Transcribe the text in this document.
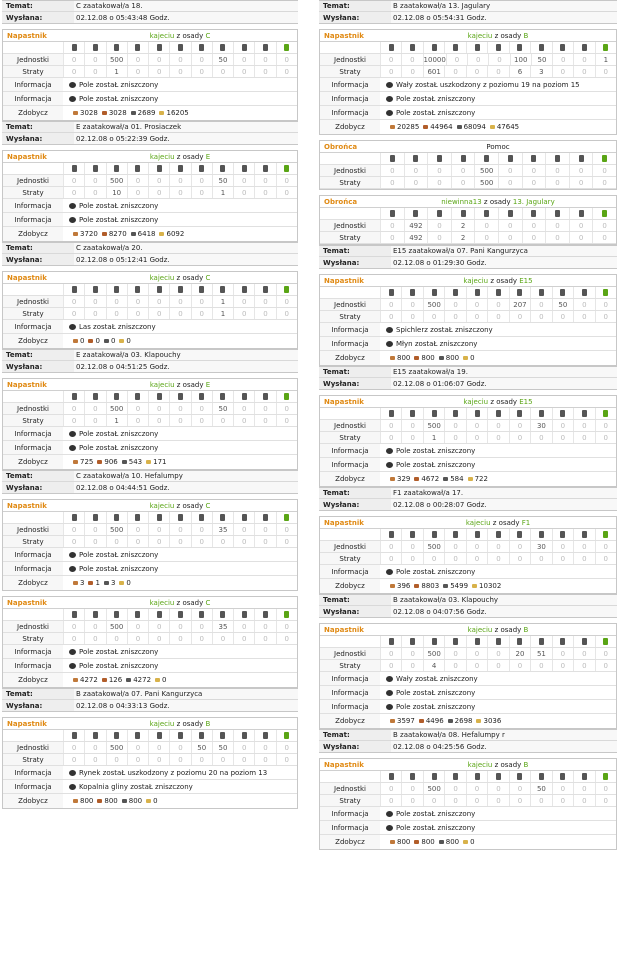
Temat:	C zaatakował/a 18.
Wysłana:	02.12.08 o 05:43:48 Godz.
Napastnik	kajeciu z osady C
Jednostki	0	0	500	0	0	0	0	50	0	0	0
Straty	0	0	1	0	0	0	0	0	0	0	0
Informacja	Pole zostaŁ zniszczony
Informacja	Pole zostaŁ zniszczony
Zdobycz	3028 3028 2689 16205
Temat:	E zaatakował/a 01. Prosiaczek
Wysłana:	02.12.08 o 05:22:39 Godz.
Napastnik	kajeciu z osady E
Jednostki	0	0	500	0	0	0	0	50	0	0	0
Straty	0	0	10	0	0	0	0	1	0	0	0
Informacja	Pole zostaŁ zniszczony
Informacja	Pole zostaŁ zniszczony
Zdobycz	3720 8270 6418 6092
Temat:	C zaatakował/a 20.
Wysłana:	02.12.08 o 05:12:41 Godz.
Napastnik	kajeciu z osady C
Jednostki	0	0	0	0	0	0	0	1	0	0	0
Straty	0	0	0	0	0	0	0	1	0	0	0
Informacja	Las zostaŁ zniszczony
Zdobycz	0 0 0 0
Temat:	E zaatakował/a 03. Klapouchy
Wysłana:	02.12.08 o 04:51:25 Godz.
Napastnik	kajeciu z osady E
Jednostki	0	0	500	0	0	0	0	50	0	0	0
Straty	0	0	1	0	0	0	0	0	0	0	0
Informacja	Pole zostaŁ zniszczony
Informacja	Pole zostaŁ zniszczony
Zdobycz	725 906 543 171
Temat:	C zaatakował/a 10. Hefalumpy
Wysłana:	02.12.08 o 04:44:51 Godz.
Napastnik	kajeciu z osady C
Jednostki	0	0	500	0	0	0	0	35	0	0	0
Straty	0	0	0	0	0	0	0	0	0	0	0
Informacja	Pole zostaŁ zniszczony
Informacja	Pole zostaŁ zniszczony
Zdobycz	3 1 3 0
Napastnik	kajeciu z osady C
Jednostki	0	0	500	0	0	0	0	35	0	0	0
Straty	0	0	0	0	0	0	0	0	0	0	0
Informacja	Pole zostaŁ zniszczony
Informacja	Pole zostaŁ zniszczony
Zdobycz	4272 126 4272 0
Temat:	B zaatakował/a 07. Pani Kangurzyca
Wysłana:	02.12.08 o 04:33:13 Godz.
Napastnik	kajeciu z osady B
Jednostki	0	0	500	0	0	0	50	50	0	0	0
Straty	0	0	0	0	0	0	0	0	0	0	0
Informacja	Rynek zostaŁ uszkodzony z poziomu 20 na poziom 13
Informacja	Kopalnia gliny zostaŁ zniszczony
Zdobycz	800 800 800 0
Temat:	B zaatakował/a 13. Jagulary
Wysłana:	02.12.08 o 05:54:31 Godz.
Napastnik	kajeciu z osady B
Jednostki	0	0	10000	0	0	0	100	50	0	0	1
Straty	0	0	601	0	0	0	6	3	0	0	0
Informacja	Wały zostaŁ uszkodzony z poziomu 19 na poziom 15
Informacja	Pole zostaŁ zniszczony
Informacja	Pole zostaŁ zniszczony
Zdobycz	20285 44964 68094 47645
Obrońca	Pomoc
Jednostki	0	0	0	0	500	0	0	0	0	0
Straty	0	0	0	0	500	0	0	0	0	0
Obrońca	niewinna13 z osady 13. Jagulary
Jednostki	0	492	0	2	0	0	0	0	0	0
Straty	0	492	0	2	0	0	0	0	0	0
Temat:	E15 zaatakował/a 07. Pani Kangurzyca
Wysłana:	02.12.08 o 01:29:30 Godz.
Napastnik	kajeciu z osady E15
Jednostki	0	0	500	0	0	0	207	0	50	0	0
Straty	0	0	0	0	0	0	0	0	0	0	0
Informacja	Spichlerz zostaŁ zniszczony
Informacja	Młyn zostaŁ zniszczony
Zdobycz	800 800 800 0
Temat:	E15 zaatakował/a 19.
Wysłana:	02.12.08 o 01:06:07 Godz.
Napastnik	kajeciu z osady E15
Jednostki	0	0	500	0	0	0	0	30	0	0	0
Straty	0	0	1	0	0	0	0	0	0	0	0
Informacja	Pole zostaŁ zniszczony
Informacja	Pole zostaŁ zniszczony
Zdobycz	329 4672 584 722
Temat:	F1 zaatakował/a 17.
Wysłana:	02.12.08 o 00:28:07 Godz.
Napastnik	kajeciu z osady F1
Jednostki	0	0	500	0	0	0	0	30	0	0	0
Straty	0	0	0	0	0	0	0	0	0	0	0
Informacja	Pole zostaŁ zniszczony
Zdobycz	396 8803 5499 10302
Temat:	B zaatakował/a 03. Klapouchy
Wysłana:	02.12.08 o 04:07:56 Godz.
Napastnik	kajeciu z osady B
Jednostki	0	0	500	0	0	0	20	51	0	0	0
Straty	0	0	4	0	0	0	0	0	0	0	0
Informacja	Wały zostaŁ zniszczony
Informacja	Pole zostaŁ zniszczony
Informacja	Pole zostaŁ zniszczony
Zdobycz	3597 4496 2698 3036
Temat:	B zaatakował/a 08. Hefalumpy r
Wysłana:	02.12.08 o 04:25:56 Godz.
Napastnik	kajeciu z osady B
Jednostki	0	0	500	0	0	0	0	50	0	0	0
Straty	0	0	0	0	0	0	0	0	0	0	0
Informacja	Pole zostaŁ zniszczony
Informacja	Pole zostaŁ zniszczony
Zdobycz	800 800 800 0
